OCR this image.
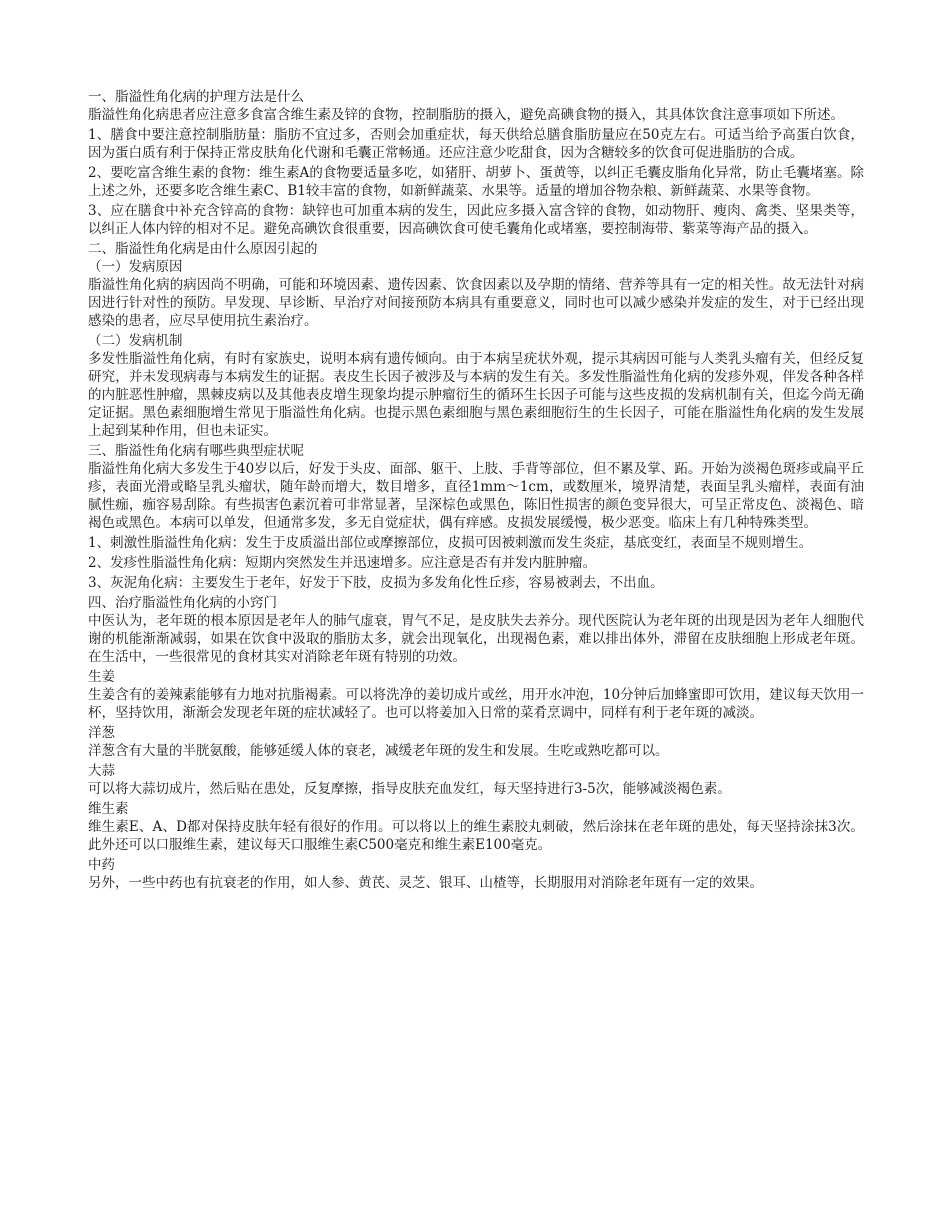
一、脂溢性角化病的护理方法是什么

脂溢性角化病患者应注意多食富含维生素及锌的食物，控制脂肪的摄入，避免高碘食物的摄入，其具体饮食注意事项如下所述。

1、膳食中要注意控制脂肪量：脂肪不宜过多，否则会加重症状，每天供给总膳食脂肪量应在50克左右。可适当给予高蛋白饮食，因为蛋白质有利于保持正常皮肤角化代谢和毛囊正常畅通。还应注意少吃甜食，因为含糖较多的饮食可促进脂肪的合成。

2、要吃富含维生素的食物：维生素A的食物要适量多吃，如猪肝、胡萝卜、蛋黄等，以纠正毛囊皮脂角化异常，防止毛囊堵塞。除上述之外，还要多吃含维生素C、B1较丰富的食物，如新鲜蔬菜、水果等。适量的增加谷物杂粮、新鲜蔬菜、水果等食物。

3、应在膳食中补充含锌高的食物：缺锌也可加重本病的发生，因此应多摄入富含锌的食物，如动物肝、瘦肉、禽类、坚果类等，以纠正人体内锌的相对不足。避免高碘饮食很重要，因高碘饮食可使毛囊角化或堵塞，要控制海带、紫菜等海产品的摄入。

二、脂溢性角化病是由什么原因引起的

（一）发病原因

脂溢性角化病的病因尚不明确，可能和环境因素、遗传因素、饮食因素以及孕期的情绪、营养等具有一定的相关性。故无法针对病因进行针对性的预防。早发现、早诊断、早治疗对间接预防本病具有重要意义，同时也可以减少感染并发症的发生，对于已经出现感染的患者，应尽早使用抗生素治疗。

（二）发病机制

多发性脂溢性角化病，有时有家族史，说明本病有遗传倾向。由于本病呈疣状外观，提示其病因可能与人类乳头瘤有关，但经反复研究，并未发现病毒与本病发生的证据。表皮生长因子被涉及与本病的发生有关。多发性脂溢性角化病的发疹外观，伴发各种各样的内脏恶性肿瘤，黑棘皮病以及其他表皮增生现象均提示肿瘤衍生的循环生长因子可能与这些皮损的发病机制有关，但迄今尚无确定证据。黑色素细胞增生常见于脂溢性角化病。也提示黑色素细胞与黑色素细胞衍生的生长因子，可能在脂溢性角化病的发生发展上起到某种作用，但也未证实。

三、脂溢性角化病有哪些典型症状呢

脂溢性角化病大多发生于40岁以后，好发于头皮、面部、躯干、上肢、手背等部位，但不累及掌、跖。开始为淡褐色斑疹或扁平丘疹，表面光滑或略呈乳头瘤状，随年龄而增大，数目增多，直径1mm～1cm，或数厘米，境界清楚，表面呈乳头瘤样，表面有油腻性痂，痂容易刮除。有些损害色素沉着可非常显著，呈深棕色或黑色，陈旧性损害的颜色变异很大，可呈正常皮色、淡褐色、暗褐色或黑色。本病可以单发，但通常多发，多无自觉症状，偶有痒感。皮损发展缓慢，极少恶变。临床上有几种特殊类型。

1、刺激性脂溢性角化病：发生于皮质溢出部位或摩擦部位，皮损可因被刺激而发生炎症，基底变红，表面呈不规则增生。

2、发疹性脂溢性角化病：短期内突然发生并迅速增多。应注意是否有并发内脏肿瘤。

3、灰泥角化病：主要发生于老年，好发于下肢，皮损为多发角化性丘疹，容易被剥去，不出血。

四、治疗脂溢性角化病的小窍门

中医认为，老年斑的根本原因是老年人的肺气虚衰，胃气不足，是皮肤失去养分。现代医院认为老年斑的出现是因为老年人细胞代谢的机能渐渐减弱，如果在饮食中汲取的脂肪太多，就会出现氧化，出现褐色素，难以排出体外，滞留在皮肤细胞上形成老年斑。在生活中，一些很常见的食材其实对消除老年斑有特别的功效。

生姜

生姜含有的姜辣素能够有力地对抗脂褐素。可以将洗净的姜切成片或丝，用开水冲泡，10分钟后加蜂蜜即可饮用，建议每天饮用一杯，坚持饮用，渐渐会发现老年斑的症状减轻了。也可以将姜加入日常的菜肴烹调中，同样有利于老年斑的减淡。

洋葱

洋葱含有大量的半胱氨酸，能够延缓人体的衰老，减缓老年斑的发生和发展。生吃或熟吃都可以。

大蒜

可以将大蒜切成片，然后贴在患处，反复摩擦，指导皮肤充血发红，每天坚持进行3-5次，能够减淡褐色素。

维生素

维生素E、A、D都对保持皮肤年轻有很好的作用。可以将以上的维生素胶丸刺破，然后涂抹在老年斑的患处，每天坚持涂抹3次。此外还可以口服维生素，建议每天口服维生素C500毫克和维生素E100毫克。

中药

另外，一些中药也有抗衰老的作用，如人参、黄芪、灵芝、银耳、山楂等，长期服用对消除老年斑有一定的效果。
